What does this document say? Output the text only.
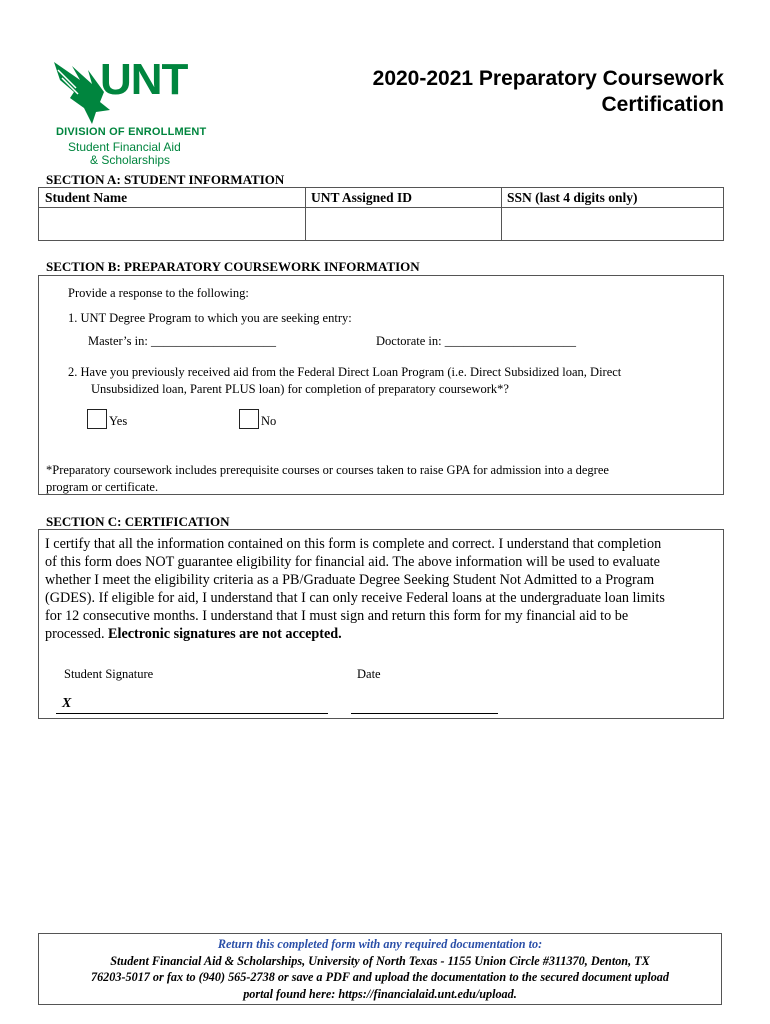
UNT
DIVISION OF ENROLLMENT
Student Financial Aid
& Scholarships
2020-2021 Preparatory Coursework
Certification
SECTION A: STUDENT INFORMATION
Student Name	UNT Assigned ID	SSN (last 4 digits only)
SECTION B: PREPARATORY COURSEWORK INFORMATION
Provide a response to the following:
1. UNT Degree Program to which you are seeking entry:
Master’s in: ____________________	Doctorate in: _____________________
2. Have you previously received aid from the Federal Direct Loan Program (i.e. Direct Subsidized loan, Direct
Unsubsidized loan, Parent PLUS loan) for completion of preparatory coursework*?
Yes	No
*Preparatory coursework includes prerequisite courses or courses taken to raise GPA for admission into a degree
program or certificate.
SECTION C: CERTIFICATION
I certify that all the information contained on this form is complete and correct. I understand that completion
of this form does NOT guarantee eligibility for financial aid. The above information will be used to evaluate
whether I meet the eligibility criteria as a PB/Graduate Degree Seeking Student Not Admitted to a Program
(GDES). If eligible for aid, I understand that I can only receive Federal loans at the undergraduate loan limits
for 12 consecutive months. I understand that I must sign and return this form for my financial aid to be
processed. Electronic signatures are not accepted.
Student Signature	Date
X
Return this completed form with any required documentation to:
Student Financial Aid & Scholarships, University of North Texas - 1155 Union Circle #311370, Denton, TX
76203-5017 or fax to (940) 565-2738 or save a PDF and upload the documentation to the secured document upload
portal found here: https://financialaid.unt.edu/upload.
